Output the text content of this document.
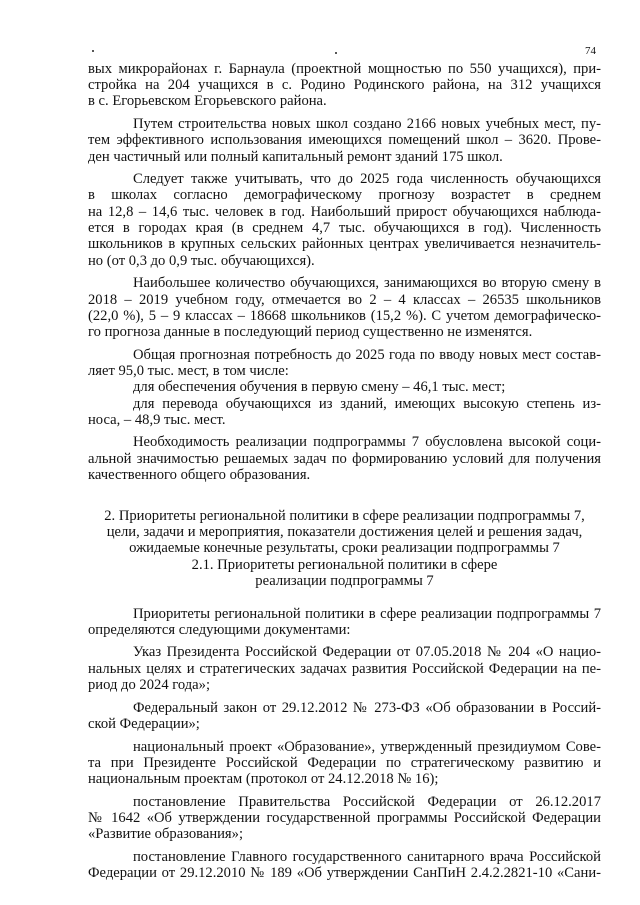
74
вых микрорайонах г. Барнаула (проектной мощностью по 550 учащихся), при-
стройка на 204 учащихся в с. Родино Родинского района, на 312 учащихся
в с. Егорьевском Егорьевского района.
Путем строительства новых школ создано 2166 новых учебных мест, пу-
тем эффективного использования имеющихся помещений школ – 3620. Прове-
ден частичный или полный капитальный ремонт зданий 175 школ.
Следует также учитывать, что до 2025 года численность обучающихся
в школах согласно демографическому прогнозу возрастет в среднем
на 12,8 – 14,6 тыс. человек в год. Наибольший прирост обучающихся наблюда-
ется в городах края (в среднем 4,7 тыс. обучающихся в год). Численность
школьников в крупных сельских районных центрах увеличивается незначитель-
но (от 0,3 до 0,9 тыс. обучающихся).
Наибольшее количество обучающихся, занимающихся во вторую смену в
2018 – 2019 учебном году, отмечается во 2 – 4 классах – 26535 школьников
(22,0 %), 5 – 9 классах – 18668 школьников (15,2 %). С учетом демографическо-
го прогноза данные в последующий период существенно не изменятся.
Общая прогнозная потребность до 2025 года по вводу новых мест состав-
ляет 95,0 тыс. мест, в том числе:
для обеспечения обучения в первую смену – 46,1 тыс. мест;
для перевода обучающихся из зданий, имеющих высокую степень из-
носа, – 48,9 тыс. мест.
Необходимость реализации подпрограммы 7 обусловлена высокой соци-
альной значимостью решаемых задач по формированию условий для получения
качественного общего образования.
2. Приоритеты региональной политики в сфере реализации подпрограммы 7,
цели, задачи и мероприятия, показатели достижения целей и решения задач,
ожидаемые конечные результаты, сроки реализации подпрограммы 7
2.1. Приоритеты региональной политики в сфере
реализации подпрограммы 7
Приоритеты региональной политики в сфере реализации подпрограммы 7
определяются следующими документами:
Указ Президента Российской Федерации от 07.05.2018 № 204 «О нацио-
нальных целях и стратегических задачах развития Российской Федерации на пе-
риод до 2024 года»;
Федеральный закон от 29.12.2012 № 273-ФЗ «Об образовании в Россий-
ской Федерации»;
национальный проект «Образование», утвержденный президиумом Сове-
та при Президенте Российской Федерации по стратегическому развитию и
национальным проектам (протокол от 24.12.2018 № 16);
постановление Правительства Российской Федерации от 26.12.2017
№ 1642 «Об утверждении государственной программы Российской Федерации
«Развитие образования»;
постановление Главного государственного санитарного врача Российской
Федерации от 29.12.2010 № 189 «Об утверждении СанПиН 2.4.2.2821-10 «Сани-
